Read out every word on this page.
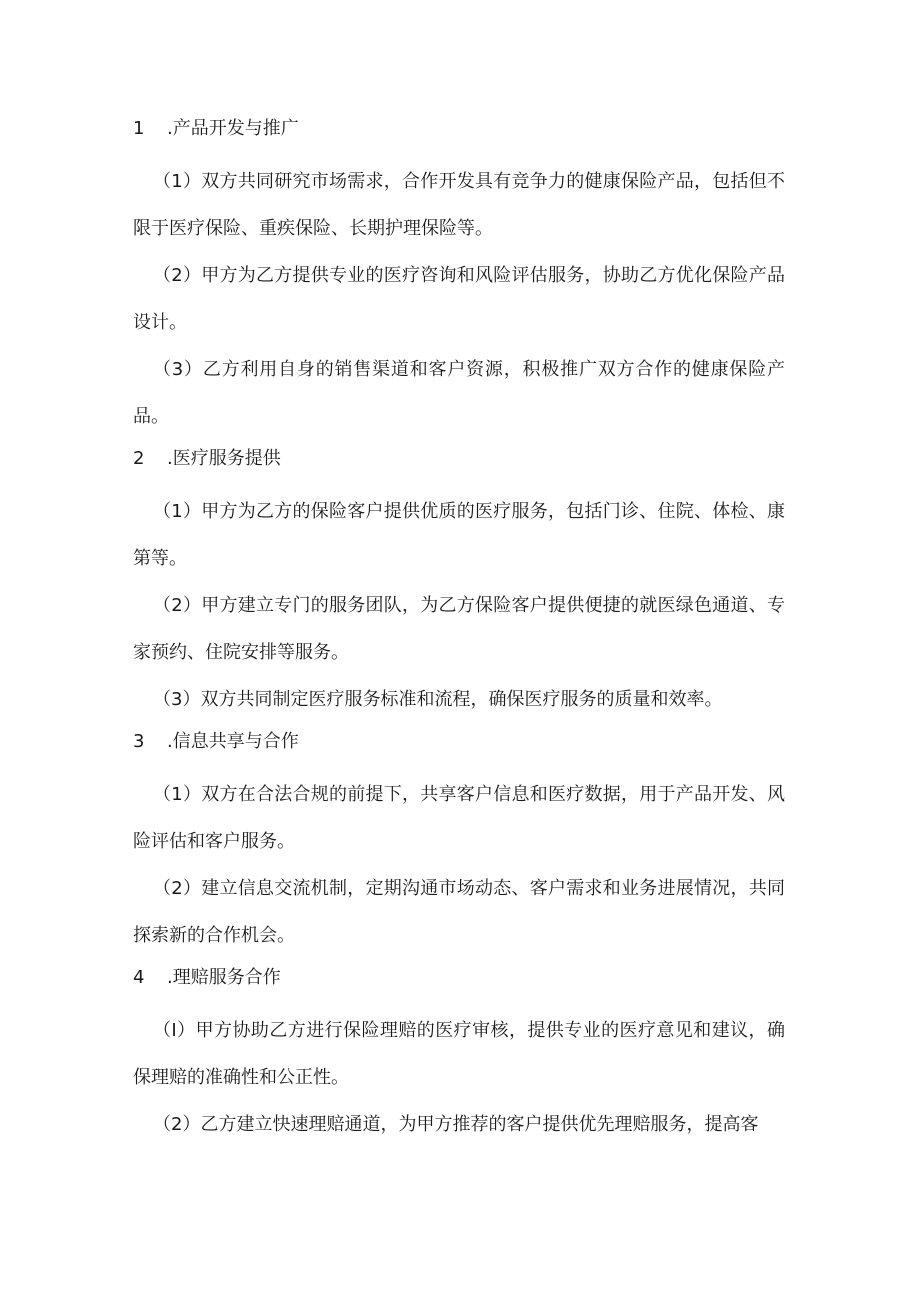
1 .产品开发与推广

（1）双方共同研究市场需求，合作开发具有竞争力的健康保险产品，包括但不限于医疗保险、重疾保险、长期护理保险等。

（2）甲方为乙方提供专业的医疗咨询和风险评估服务，协助乙方优化保险产品设计。

（3）乙方利用自身的销售渠道和客户资源，积极推广双方合作的健康保险产品。

2 .医疗服务提供

（1）甲方为乙方的保险客户提供优质的医疗服务，包括门诊、住院、体检、康第等。

（2）甲方建立专门的服务团队，为乙方保险客户提供便捷的就医绿色通道、专家预约、住院安排等服务。

（3）双方共同制定医疗服务标准和流程，确保医疗服务的质量和效率。

3 .信息共享与合作

（1）双方在合法合规的前提下，共享客户信息和医疗数据，用于产品开发、风险评估和客户服务。

（2）建立信息交流机制，定期沟通市场动态、客户需求和业务进展情况，共同探索新的合作机会。

4 .理赔服务合作

（I）甲方协助乙方进行保险理赔的医疗审核，提供专业的医疗意见和建议，确保理赔的准确性和公正性。

（2）乙方建立快速理赔通道，为甲方推荐的客户提供优先理赔服务，提高客
